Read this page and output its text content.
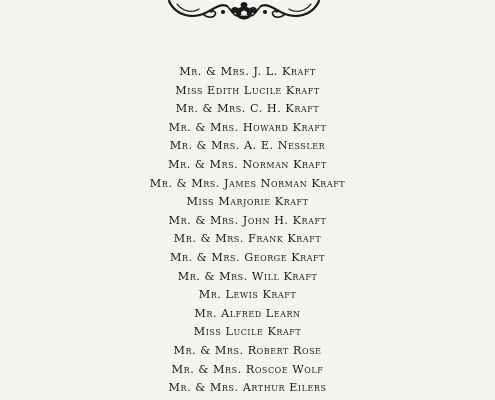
Mr. & Mrs. J. L. Kraft
Miss Edith Lucile Kraft
Mr. & Mrs. C. H. Kraft
Mr. & Mrs. Howard Kraft
Mr. & Mrs. A. E. Nessler
Mr. & Mrs. Norman Kraft
Mr. & Mrs. James Norman Kraft
Miss Marjorie Kraft
Mr. & Mrs. John H. Kraft
Mr. & Mrs. Frank Kraft
Mr. & Mrs. George Kraft
Mr. & Mrs. Will Kraft
Mr. Lewis Kraft
Mr. Alfred Learn
Miss Lucile Kraft
Mr. & Mrs. Robert Rose
Mr. & Mrs. Roscoe Wolf
Mr. & Mrs. Arthur Eilers
